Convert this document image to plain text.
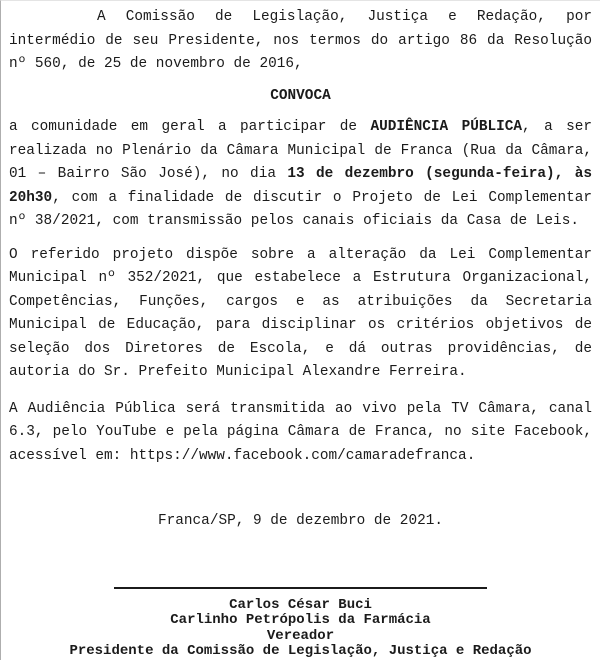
A Comissão de Legislação, Justiça e Redação, por intermédio de seu Presidente, nos termos do artigo 86 da Resolução nº 560, de 25 de novembro de 2016,
CONVOCA
a comunidade em geral a participar de AUDIÊNCIA PÚBLICA, a ser realizada no Plenário da Câmara Municipal de Franca (Rua da Câmara, 01 – Bairro São José), no dia 13 de dezembro (segunda-feira), às 20h30, com a finalidade de discutir o Projeto de Lei Complementar nº 38/2021, com transmissão pelos canais oficiais da Casa de Leis.
O referido projeto dispõe sobre a alteração da Lei Complementar Municipal nº 352/2021, que estabelece a Estrutura Organizacional, Competências, Funções, cargos e as atribuições da Secretaria Municipal de Educação, para disciplinar os critérios objetivos de seleção dos Diretores de Escola, e dá outras providências, de autoria do Sr. Prefeito Municipal Alexandre Ferreira.
A Audiência Pública será transmitida ao vivo pela TV Câmara, canal 6.3, pelo YouTube e pela página Câmara de Franca, no site Facebook, acessível em: https://www.facebook.com/camaradefranca.
Franca/SP, 9 de dezembro de 2021.
Carlos César Buci
Carlinho Petrópolis da Farmácia
Vereador
Presidente da Comissão de Legislação, Justiça e Redação
